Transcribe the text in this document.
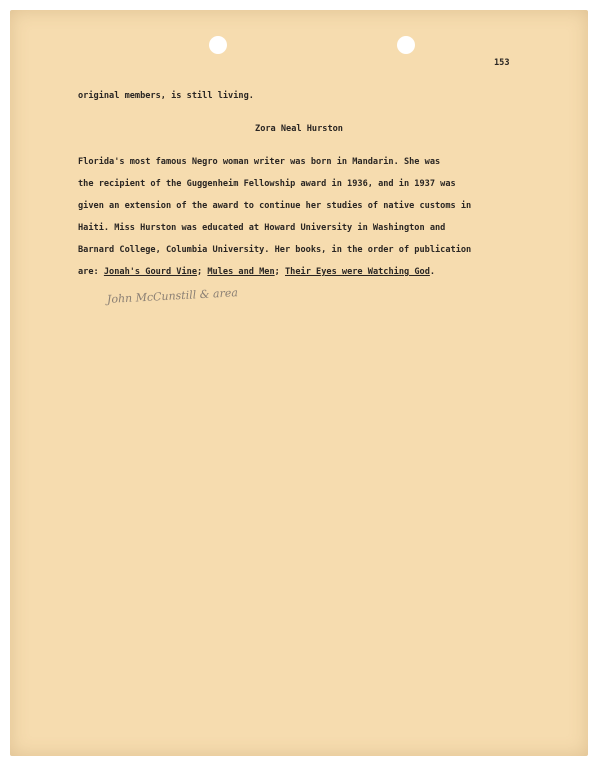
153
original members, is still living.
Zora Neal Hurston
Florida's most famous Negro woman writer was born in Mandarin. She was
the recipient of the Guggenheim Fellowship award in 1936, and in 1937 was
given an extension of the award to continue her studies of native customs in
Haiti. Miss Hurston was educated at Howard University in Washington and
Barnard College, Columbia University. Her books, in the order of publication
are: Jonah's Gourd Vine; Mules and Men; Their Eyes were Watching God.
John McCunstill & area
